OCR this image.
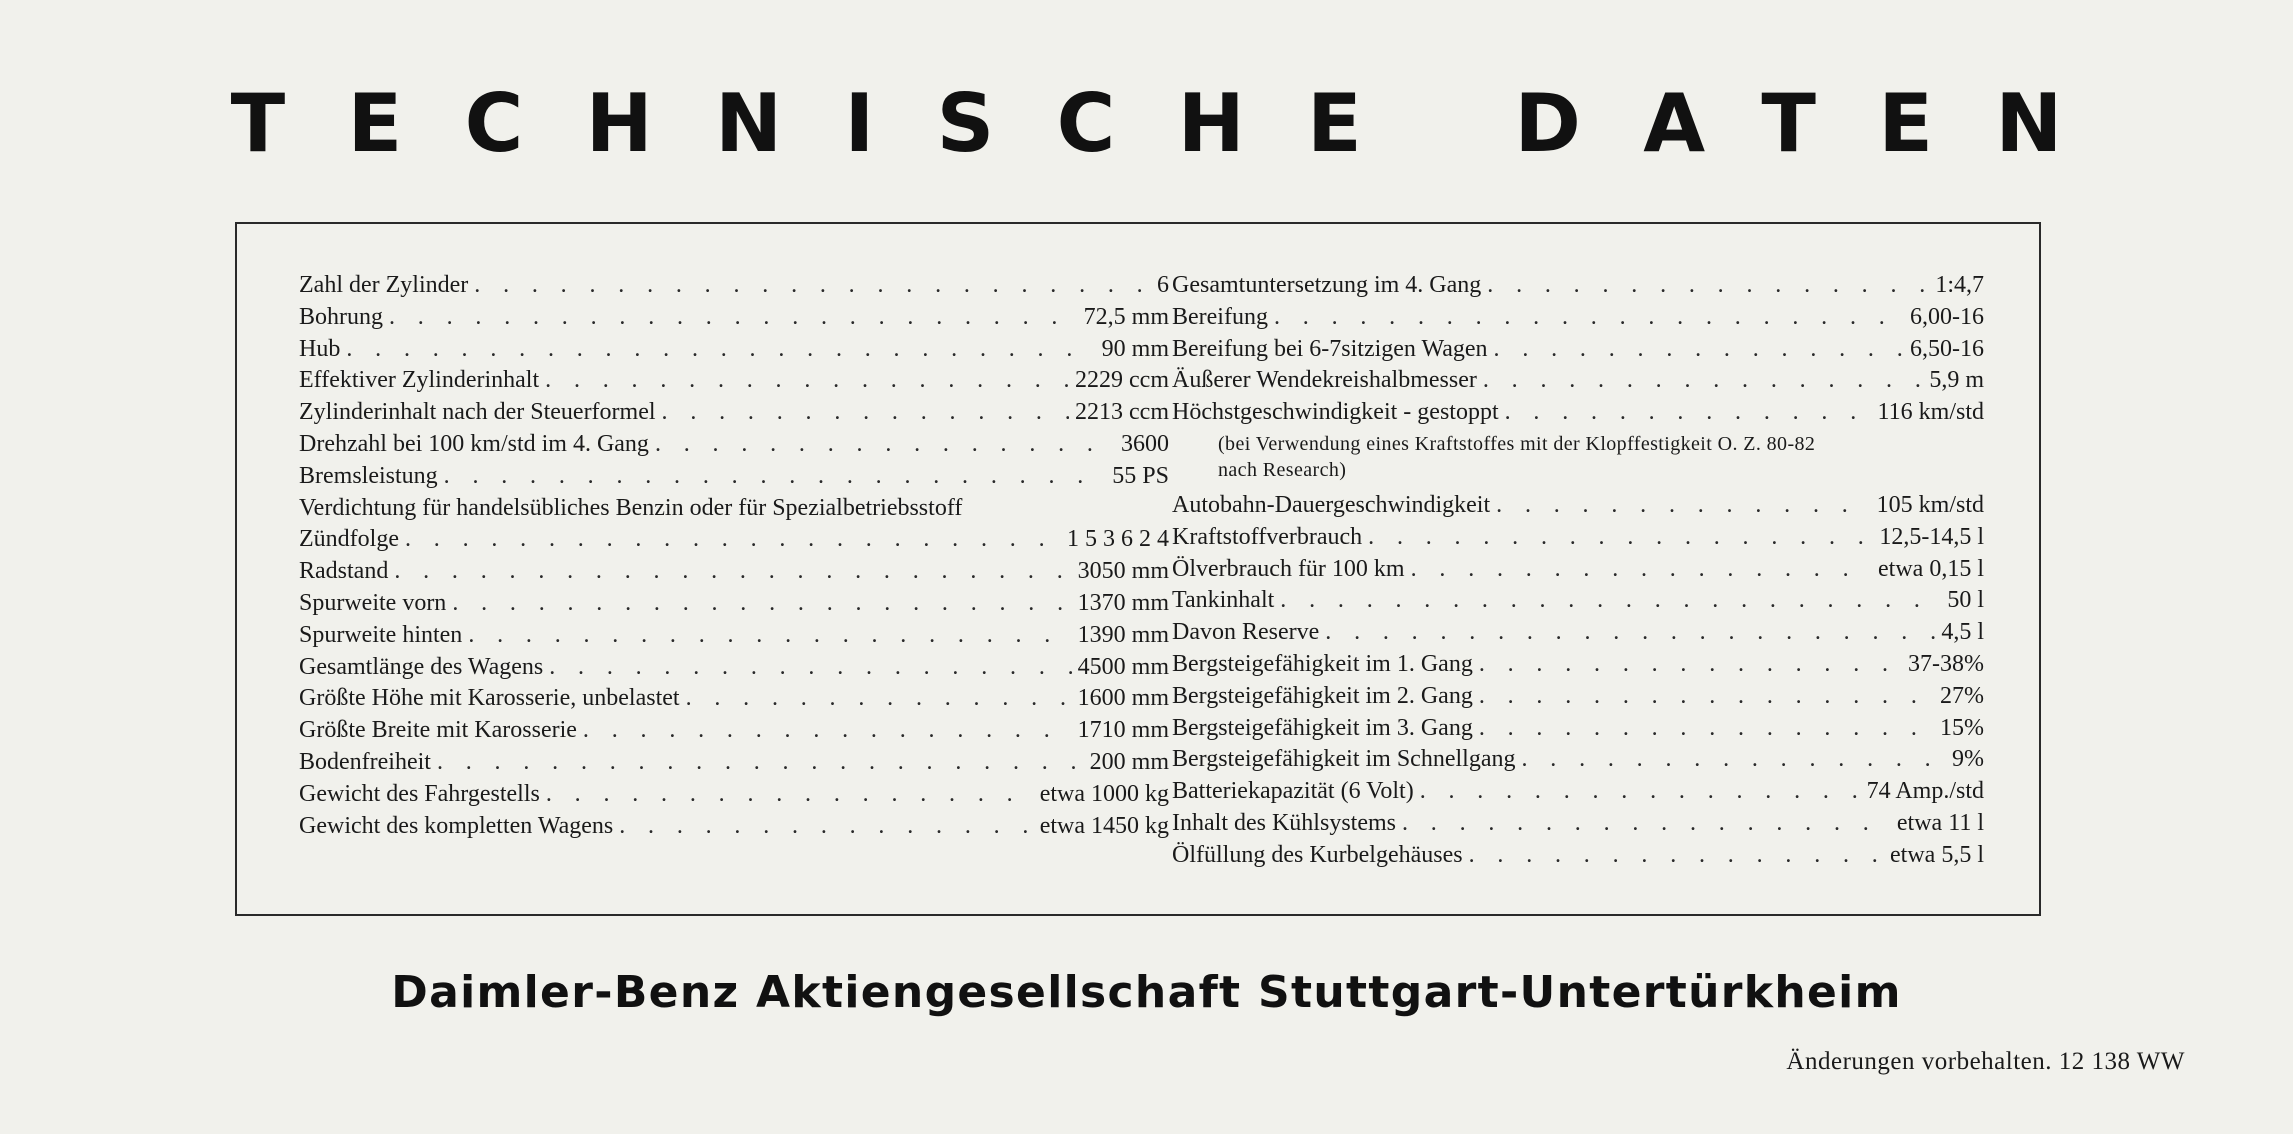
TECHNISCHE DATEN
Zahl der Zylinder . . .	6
Bohrung . . .	72,5 mm
Hub . . .	90 mm
Effektiver Zylinderinhalt . . .	2229 ccm
Zylinderinhalt nach der Steuerformel . . .	2213 ccm
Drehzahl bei 100 km/std im 4. Gang . . .	3600
Bremsleistung . . .	55 PS
Verdichtung für handelsübliches Benzin oder für Spezialbetriebsstoff
Zündfolge . . .	1 5 3 6 2 4
Radstand . . .	3050 mm
Spurweite vorn . . .	1370 mm
Spurweite hinten . . .	1390 mm
Gesamtlänge des Wagens . . .	4500 mm
Größte Höhe mit Karosserie, unbelastet . . .	1600 mm
Größte Breite mit Karosserie . . .	1710 mm
Bodenfreiheit . . .	200 mm
Gewicht des Fahrgestells . . .	etwa 1000 kg
Gewicht des kompletten Wagens . . .	etwa 1450 kg
Gesamtuntersetzung im 4. Gang . . .	1:4,7
Bereifung . . .	6,00-16
Bereifung bei 6-7sitzigen Wagen . . .	6,50-16
Äußerer Wendekreishalbmesser . . .	5,9 m
Höchstgeschwindigkeit - gestoppt . . .	116 km/std
(bei Verwendung eines Kraftstoffes mit der Klopffestigkeit O. Z. 80-82 nach Research)
Autobahn-Dauergeschwindigkeit . . .	105 km/std
Kraftstoffverbrauch . . .	12,5-14,5 l
Ölverbrauch für 100 km . . .	etwa 0,15 l
Tankinhalt . . .	50 l
Davon Reserve . . .	4,5 l
Bergsteigefähigkeit im 1. Gang . . .	37-38%
Bergsteigefähigkeit im 2. Gang . . .	27%
Bergsteigefähigkeit im 3. Gang . . .	15%
Bergsteigefähigkeit im Schnellgang . . .	9%
Batteriekapazität (6 Volt) . . .	74 Amp./std
Inhalt des Kühlsystems . . .	etwa 11 l
Ölfüllung des Kurbelgehäuses . . .	etwa 5,5 l
Daimler-Benz Aktiengesellschaft Stuttgart-Untertürkheim
Änderungen vorbehalten. 12 138 WW
